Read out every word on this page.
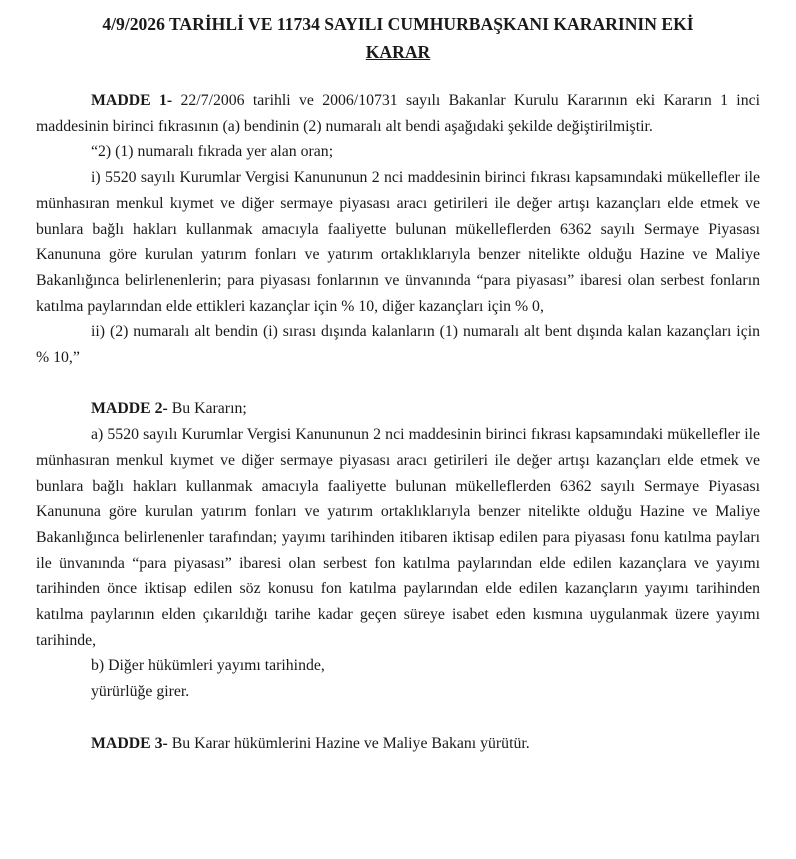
4/9/2026 TARİHLİ VE 11734 SAYILI CUMHURBAŞKANI KARARININ EKİ
KARAR

MADDE 1- 22/7/2006 tarihli ve 2006/10731 sayılı Bakanlar Kurulu Kararının eki Kararın 1 inci maddesinin birinci fıkrasının (a) bendinin (2) numaralı alt bendi aşağıdaki şekilde değiştirilmiştir.

“2) (1) numaralı fıkrada yer alan oran;

i) 5520 sayılı Kurumlar Vergisi Kanununun 2 nci maddesinin birinci fıkrası kapsamındaki mükellefler ile münhasıran menkul kıymet ve diğer sermaye piyasası aracı getirileri ile değer artışı kazançları elde etmek ve bunlara bağlı hakları kullanmak amacıyla faaliyette bulunan mükelleflerden 6362 sayılı Sermaye Piyasası Kanununa göre kurulan yatırım fonları ve yatırım ortaklıklarıyla benzer nitelikte olduğu Hazine ve Maliye Bakanlığınca belirlenenlerin; para piyasası fonlarının ve ünvanında “para piyasası” ibaresi olan serbest fonların katılma paylarından elde ettikleri kazançlar için % 10, diğer kazançları için % 0,

ii) (2) numaralı alt bendin (i) sırası dışında kalanların (1) numaralı alt bent dışında kalan kazançları için % 10,”

MADDE 2- Bu Kararın;

a) 5520 sayılı Kurumlar Vergisi Kanununun 2 nci maddesinin birinci fıkrası kapsamındaki mükellefler ile münhasıran menkul kıymet ve diğer sermaye piyasası aracı getirileri ile değer artışı kazançları elde etmek ve bunlara bağlı hakları kullanmak amacıyla faaliyette bulunan mükelleflerden 6362 sayılı Sermaye Piyasası Kanununa göre kurulan yatırım fonları ve yatırım ortaklıklarıyla benzer nitelikte olduğu Hazine ve Maliye Bakanlığınca belirlenenler tarafından; yayımı tarihinden itibaren iktisap edilen para piyasası fonu katılma payları ile ünvanında “para piyasası” ibaresi olan serbest fon katılma paylarından elde edilen kazançlara ve yayımı tarihinden önce iktisap edilen söz konusu fon katılma paylarından elde edilen kazançların yayımı tarihinden katılma paylarının elden çıkarıldığı tarihe kadar geçen süreye isabet eden kısmına uygulanmak üzere yayımı tarihinde,

b) Diğer hükümleri yayımı tarihinde,

yürürlüğe girer.

MADDE 3- Bu Karar hükümlerini Hazine ve Maliye Bakanı yürütür.
